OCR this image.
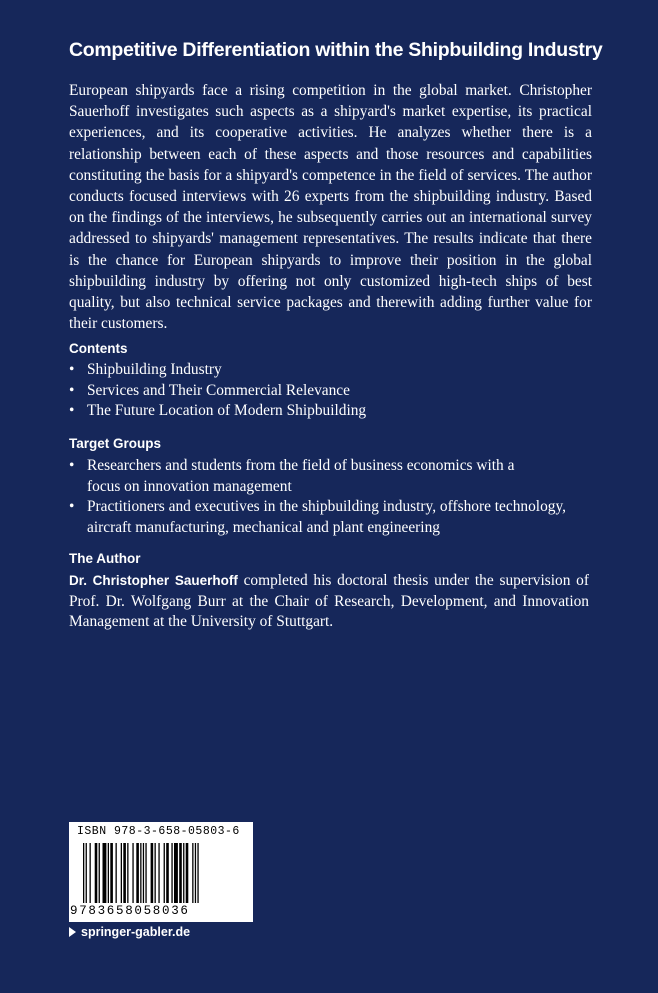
Competitive Differentiation within the Shipbuilding Industry

European shipyards face a rising competition in the global market. Christopher Sauerhoff investigates such aspects as a shipyard's market expertise, its practical experiences, and its cooperative activities. He analyzes whether there is a relationship between each of these aspects and those resources and capabilities constituting the basis for a shipyard's competence in the field of services. The author conducts focused interviews with 26 experts from the shipbuilding industry. Based on the findings of the interviews, he subsequently carries out an international survey addressed to shipyards' management representatives. The results indicate that there is the chance for European shipyards to improve their position in the global shipbuilding industry by offering not only customized high-tech ships of best quality, but also technical service packages and therewith adding further value for their customers.

Contents
• Shipbuilding Industry
• Services and Their Commercial Relevance
• The Future Location of Modern Shipbuilding
Target Groups
• Researchers and students from the field of business economics with a focus on innovation management
• Practitioners and executives in the shipbuilding industry, offshore technology, aircraft manufacturing, mechanical and plant engineering
The Author

Dr. Christopher Sauerhoff completed his doctoral thesis under the supervision of Prof. Dr. Wolfgang Burr at the Chair of Research, Development, and Innovation Management at the University of Stuttgart.

ISBN 978-3-658-05803-6
9783658058036
springer-gabler.de
